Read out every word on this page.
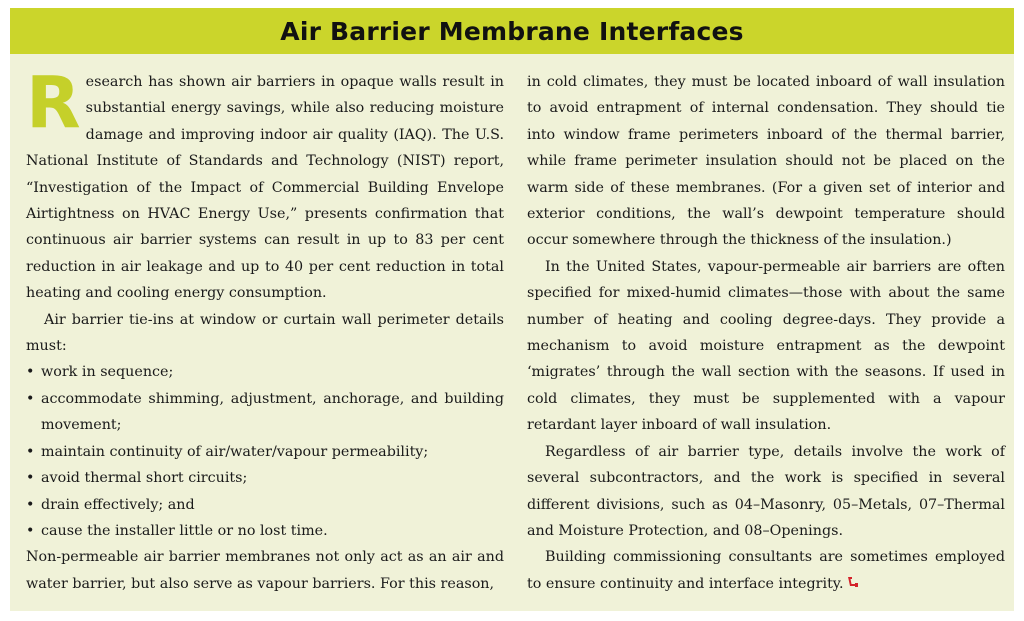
Air Barrier Membrane Interfaces

Research has shown air barriers in opaque walls result in substantial energy savings, while also reducing moisture damage and improving indoor air quality (IAQ). The U.S. National Institute of Standards and Technology (NIST) report, “Investigation of the Impact of Commercial Building Envelope Airtightness on HVAC Energy Use,” presents confirmation that continuous air barrier systems can result in up to 83 per cent reduction in air leakage and up to 40 per cent reduction in total heating and cooling energy consumption.

Air barrier tie-ins at window or curtain wall perimeter details must:

• work in sequence;
• accommodate shimming, adjustment, anchorage, and building movement;
• maintain continuity of air/water/vapour permeability;
• avoid thermal short circuits;
• drain effectively; and
• cause the installer little or no lost time.

Non-permeable air barrier membranes not only act as an air and water barrier, but also serve as vapour barriers. For this reason,

in cold climates, they must be located inboard of wall insulation to avoid entrapment of internal condensation. They should tie into window frame perimeters inboard of the thermal barrier, while frame perimeter insulation should not be placed on the warm side of these membranes. (For a given set of interior and exterior conditions, the wall’s dewpoint temperature should occur somewhere through the thickness of the insulation.)

In the United States, vapour-permeable air barriers are often specified for mixed-humid climates—those with about the same number of heating and cooling degree-days. They provide a mechanism to avoid moisture entrapment as the dewpoint ‘migrates’ through the wall section with the seasons. If used in cold climates, they must be supplemented with a vapour retardant layer inboard of wall insulation.

Regardless of air barrier type, details involve the work of several subcontractors, and the work is specified in several different divisions, such as 04–Masonry, 05–Metals, 07–Thermal and Moisture Protection, and 08–Openings.

Building commissioning consultants are sometimes employed to ensure continuity and interface integrity.
